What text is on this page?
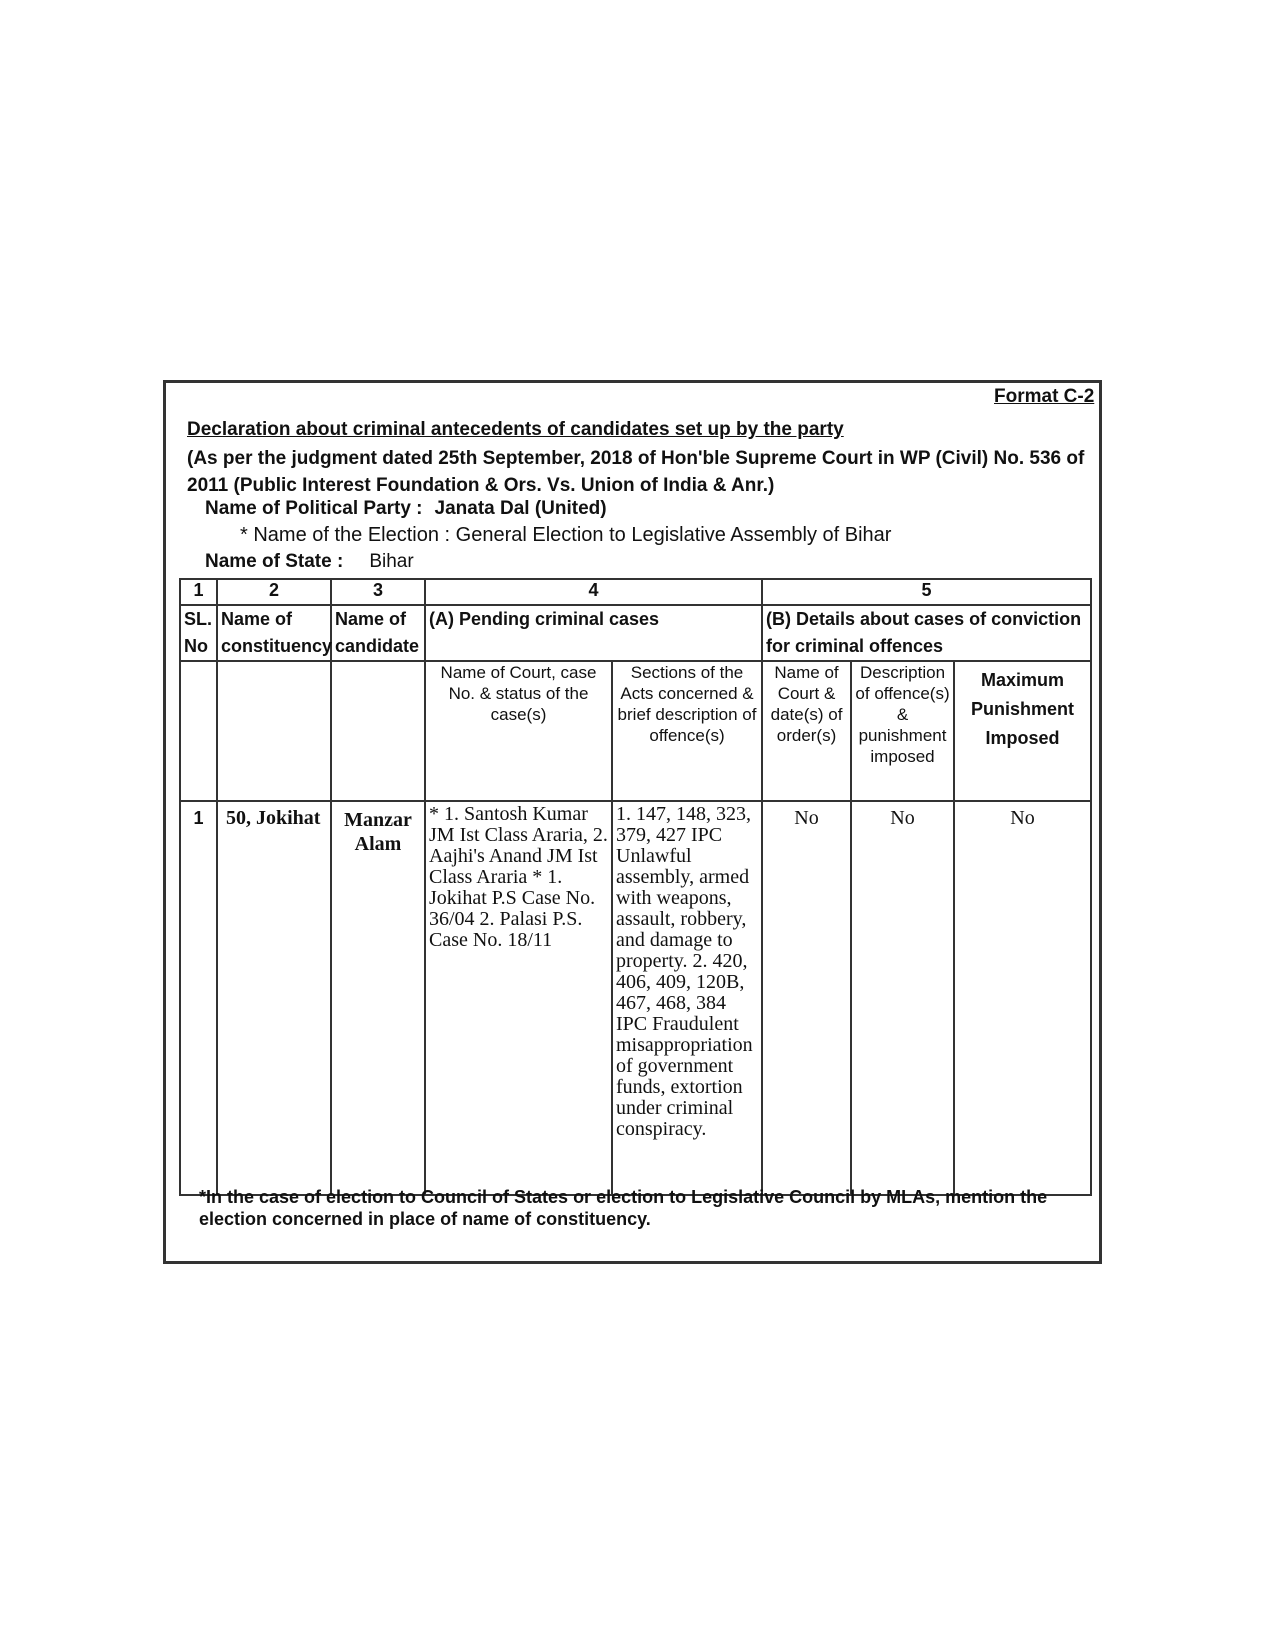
Format C-2
Declaration about criminal antecedents of candidates set up by the party
(As per the judgment dated 25th September, 2018 of Hon'ble Supreme Court in WP (Civil) No. 536 of
2011 (Public Interest Foundation & Ors. Vs. Union of India & Anr.)
Name of Political Party : Janata Dal (United)
* Name of the Election : General Election to Legislative Assembly of Bihar
Name of State : Bihar
1	2	3	4		5		
SL. No	Name of constituency	Name of candidate	(A) Pending criminal cases		(B) Details about cases of conviction for criminal offences		
			Name of Court, case No. & status of the case(s)	Sections of the Acts concerned & brief description of offence(s)	Name of Court & date(s) of order(s)	Description of offence(s) & punishment imposed	Maximum Punishment Imposed
1	50, Jokihat	Manzar Alam	* 1. Santosh Kumar JM Ist Class Araria, 2. Aajhi's Anand JM Ist Class Araria * 1. Jokihat P.S Case No. 36/04 2. Palasi P.S. Case No. 18/11	1. 147, 148, 323, 379, 427 IPC Unlawful assembly, armed with weapons, assault, robbery, and damage to property. 2. 420, 406, 409, 120B, 467, 468, 384 IPC Fraudulent misappropriation of government funds, extortion under criminal conspiracy.	No	No	No
*In the case of election to Council of States or election to Legislative Council by MLAs, mention the election concerned in place of name of constituency.
